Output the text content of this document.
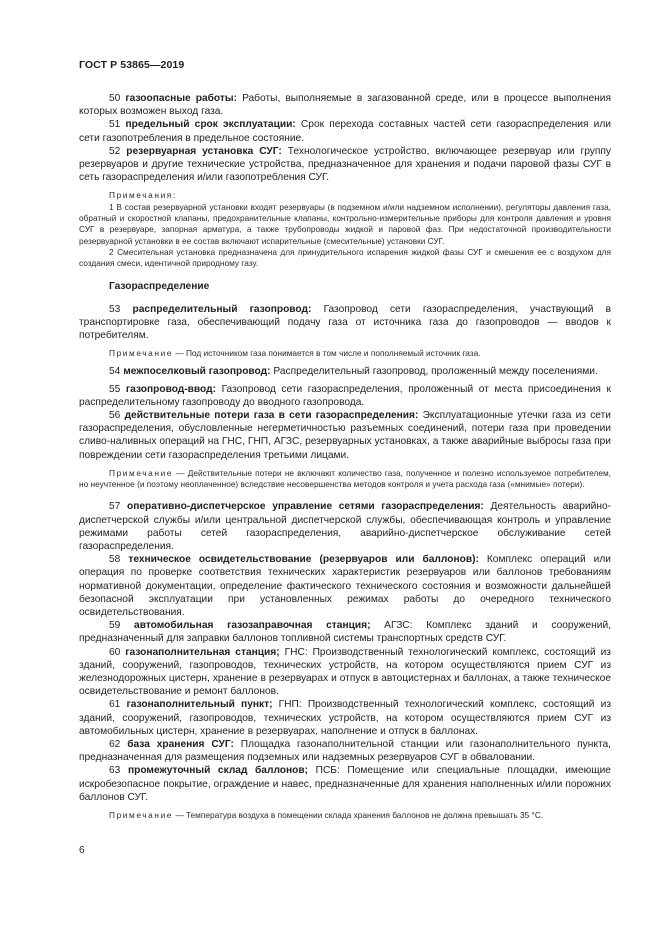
ГОСТ Р 53865—2019

50 газоопасные работы: Работы, выполняемые в загазованной среде, или в процессе выполнения которых возможен выход газа.

51 предельный срок эксплуатации: Срок перехода составных частей сети газораспределения или сети газопотребления в предельное состояние.

52 резервуарная установка СУГ: Технологическое устройство, включающее резервуар или группу резервуаров и другие технические устройства, предназначенное для хранения и подачи паровой фазы СУГ в сеть газораспределения и/или газопотребления СУГ.

Примечания:

1 В состав резервуарной установки входят резервуары (в подземном и/или надземном исполнении), регуляторы давления газа, обратный и скоростной клапаны, предохранительные клапаны, контрольно-измерительные приборы для контроля давления и уровня СУГ в резервуаре, запорная арматура, а также трубопроводы жидкой и паровой фаз. При недостаточной производительности резервуарной установки в ее состав включают испарительные (смесительные) установки СУГ.

2 Смесительная установка предназначена для принудительного испарения жидкой фазы СУГ и смешения ее с воздухом для создания смеси, идентичной природному газу.

Газораспределение

53 распределительный газопровод: Газопровод сети газораспределения, участвующий в транспортировке газа, обеспечивающий подачу газа от источника газа до газопроводов — вводов к потребителям.

Примечание — Под источником газа понимается в том числе и пополняемый источник газа.

54 межпоселковый газопровод: Распределительный газопровод, проложенный между поселениями.

55 газопровод-ввод: Газопровод сети газораспределения, проложенный от места присоединения к распределительному газопроводу до вводного газопровода.

56 действительные потери газа в сети газораспределения: Эксплуатационные утечки газа из сети газораспределения, обусловленные негерметичностью разъемных соединений, потери газа при проведении сливо-наливных операций на ГНС, ГНП, АГЗС, резервуарных установках, а также аварийные выбросы газа при повреждении сети газораспределения третьими лицами.

Примечание — Действительные потери не включают количество газа, полученное и полезно используемое потребителем, но неучтенное (и поэтому неоплаченное) вследствие несовершенства методов контроля и учета расхода газа («мнимые» потери).

57 оперативно-диспетчерское управление сетями газораспределения: Деятельность аварийно-диспетчерской службы и/или центральной диспетчерской службы, обеспечивающая контроль и управление режимами работы сетей газораспределения, аварийно-диспетчерское обслуживание сетей газораспределения.

58 техническое освидетельствование (резервуаров или баллонов): Комплекс операций или операция по проверке соответствия технических характеристик резервуаров или баллонов требованиям нормативной документации, определение фактического технического состояния и возможности дальнейшей безопасной эксплуатации при установленных режимах работы до очередного технического освидетельствования.

59 автомобильная газозаправочная станция; АГЗС: Комплекс зданий и сооружений, предназначенный для заправки баллонов топливной системы транспортных средств СУГ.

60 газонаполнительная станция; ГНС: Производственный технологический комплекс, состоящий из зданий, сооружений, газопроводов, технических устройств, на котором осуществляются прием СУГ из железнодорожных цистерн, хранение в резервуарах и отпуск в автоцистернах и баллонах, а также техническое освидетельствование и ремонт баллонов.

61 газонаполнительный пункт; ГНП: Производственный технологический комплекс, состоящий из зданий, сооружений, газопроводов, технических устройств, на котором осуществляются прием СУГ из автомобильных цистерн, хранение в резервуарах, наполнение и отпуск в баллонах.

62 база хранения СУГ: Площадка газонаполнительной станции или газонаполнительного пункта, предназначенная для размещения подземных или надземных резервуаров СУГ в обваловании.

63 промежуточный склад баллонов; ПСБ: Помещение или специальные площадки, имеющие искробезопасное покрытие, ограждение и навес, предназначенные для хранения наполненных и/или порожних баллонов СУГ.

Примечание — Температура воздуха в помещении склада хранения баллонов не должна превышать 35 °С.

6
